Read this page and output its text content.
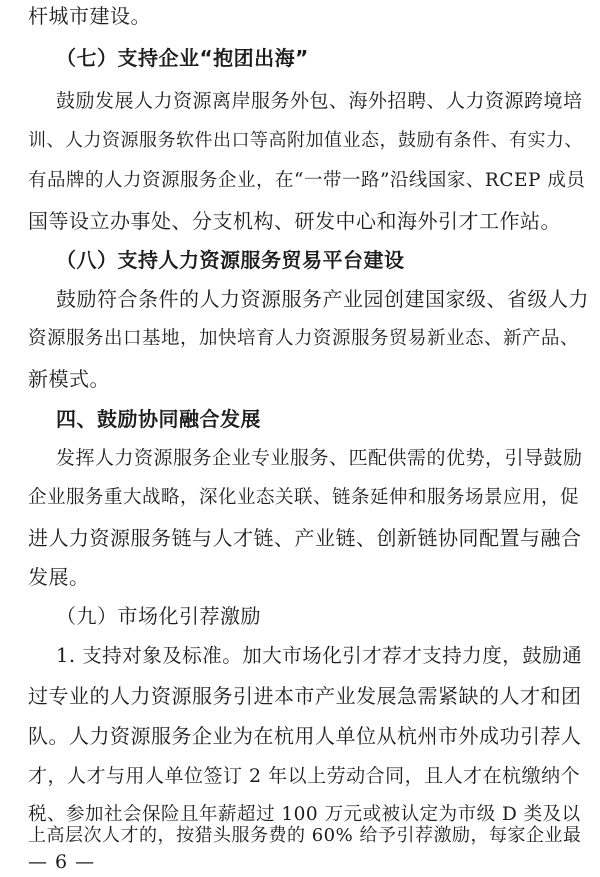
杆城市建设。
（七）支持企业“抱团出海”
鼓励发展人力资源离岸服务外包、海外招聘、人力资源跨境培
训、人力资源服务软件出口等高附加值业态，鼓励有条件、有实力、
有品牌的人力资源服务企业，在“一带一路”沿线国家、RCEP 成员
国等设立办事处、分支机构、研发中心和海外引才工作站。
（八）支持人力资源服务贸易平台建设
鼓励符合条件的人力资源服务产业园创建国家级、省级人力
资源服务出口基地，加快培育人力资源服务贸易新业态、新产品、
新模式。
四、鼓励协同融合发展
发挥人力资源服务企业专业服务、匹配供需的优势，引导鼓励
企业服务重大战略，深化业态关联、链条延伸和服务场景应用，促
进人力资源服务链与人才链、产业链、创新链协同配置与融合
发展。
（九）市场化引荐激励
1. 支持对象及标准。加大市场化引才荐才支持力度，鼓励通
过专业的人力资源服务引进本市产业发展急需紧缺的人才和团
队。人力资源服务企业为在杭用人单位从杭州市外成功引荐人
才，人才与用人单位签订 2 年以上劳动合同，且人才在杭缴纳个
税、参加社会保险且年薪超过 100 万元或被认定为市级 D 类及以
上高层次人才的，按猎头服务费的 60% 给予引荐激励，每家企业最
— 6 —
